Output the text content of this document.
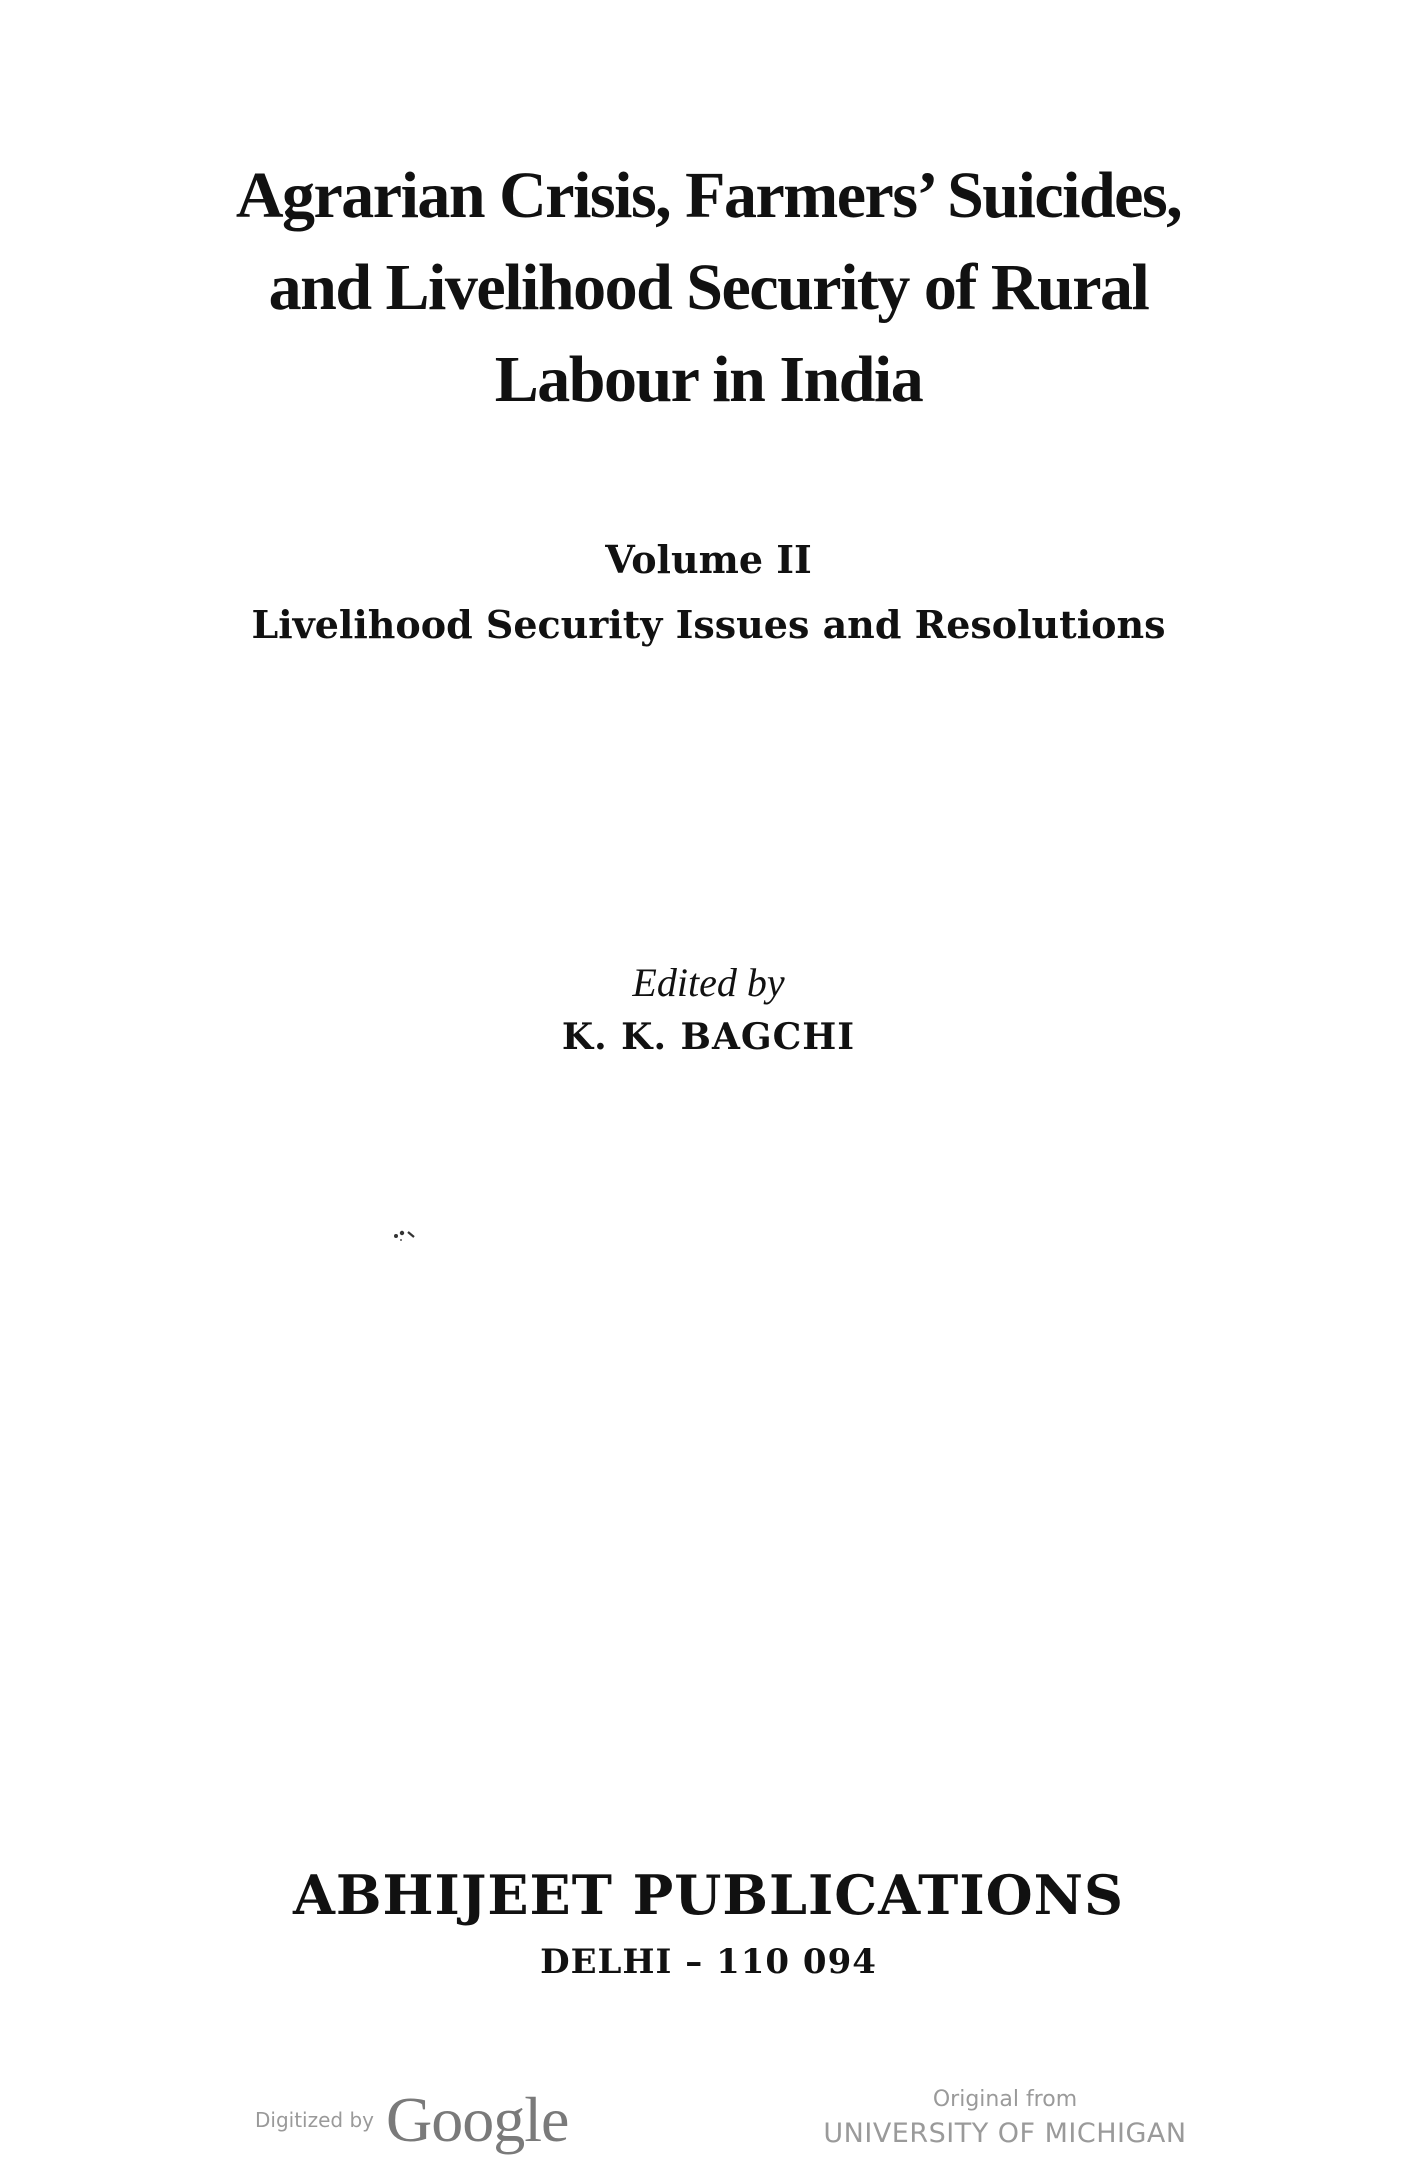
Agrarian Crisis, Farmers’ Suicides,
and Livelihood Security of Rural
Labour in India
Volume II
Livelihood Security Issues and Resolutions
Edited by
K. K. BAGCHI
ABHIJEET PUBLICATIONS
DELHI – 110 094
Digitized by Google	Original from
UNIVERSITY OF MICHIGAN
